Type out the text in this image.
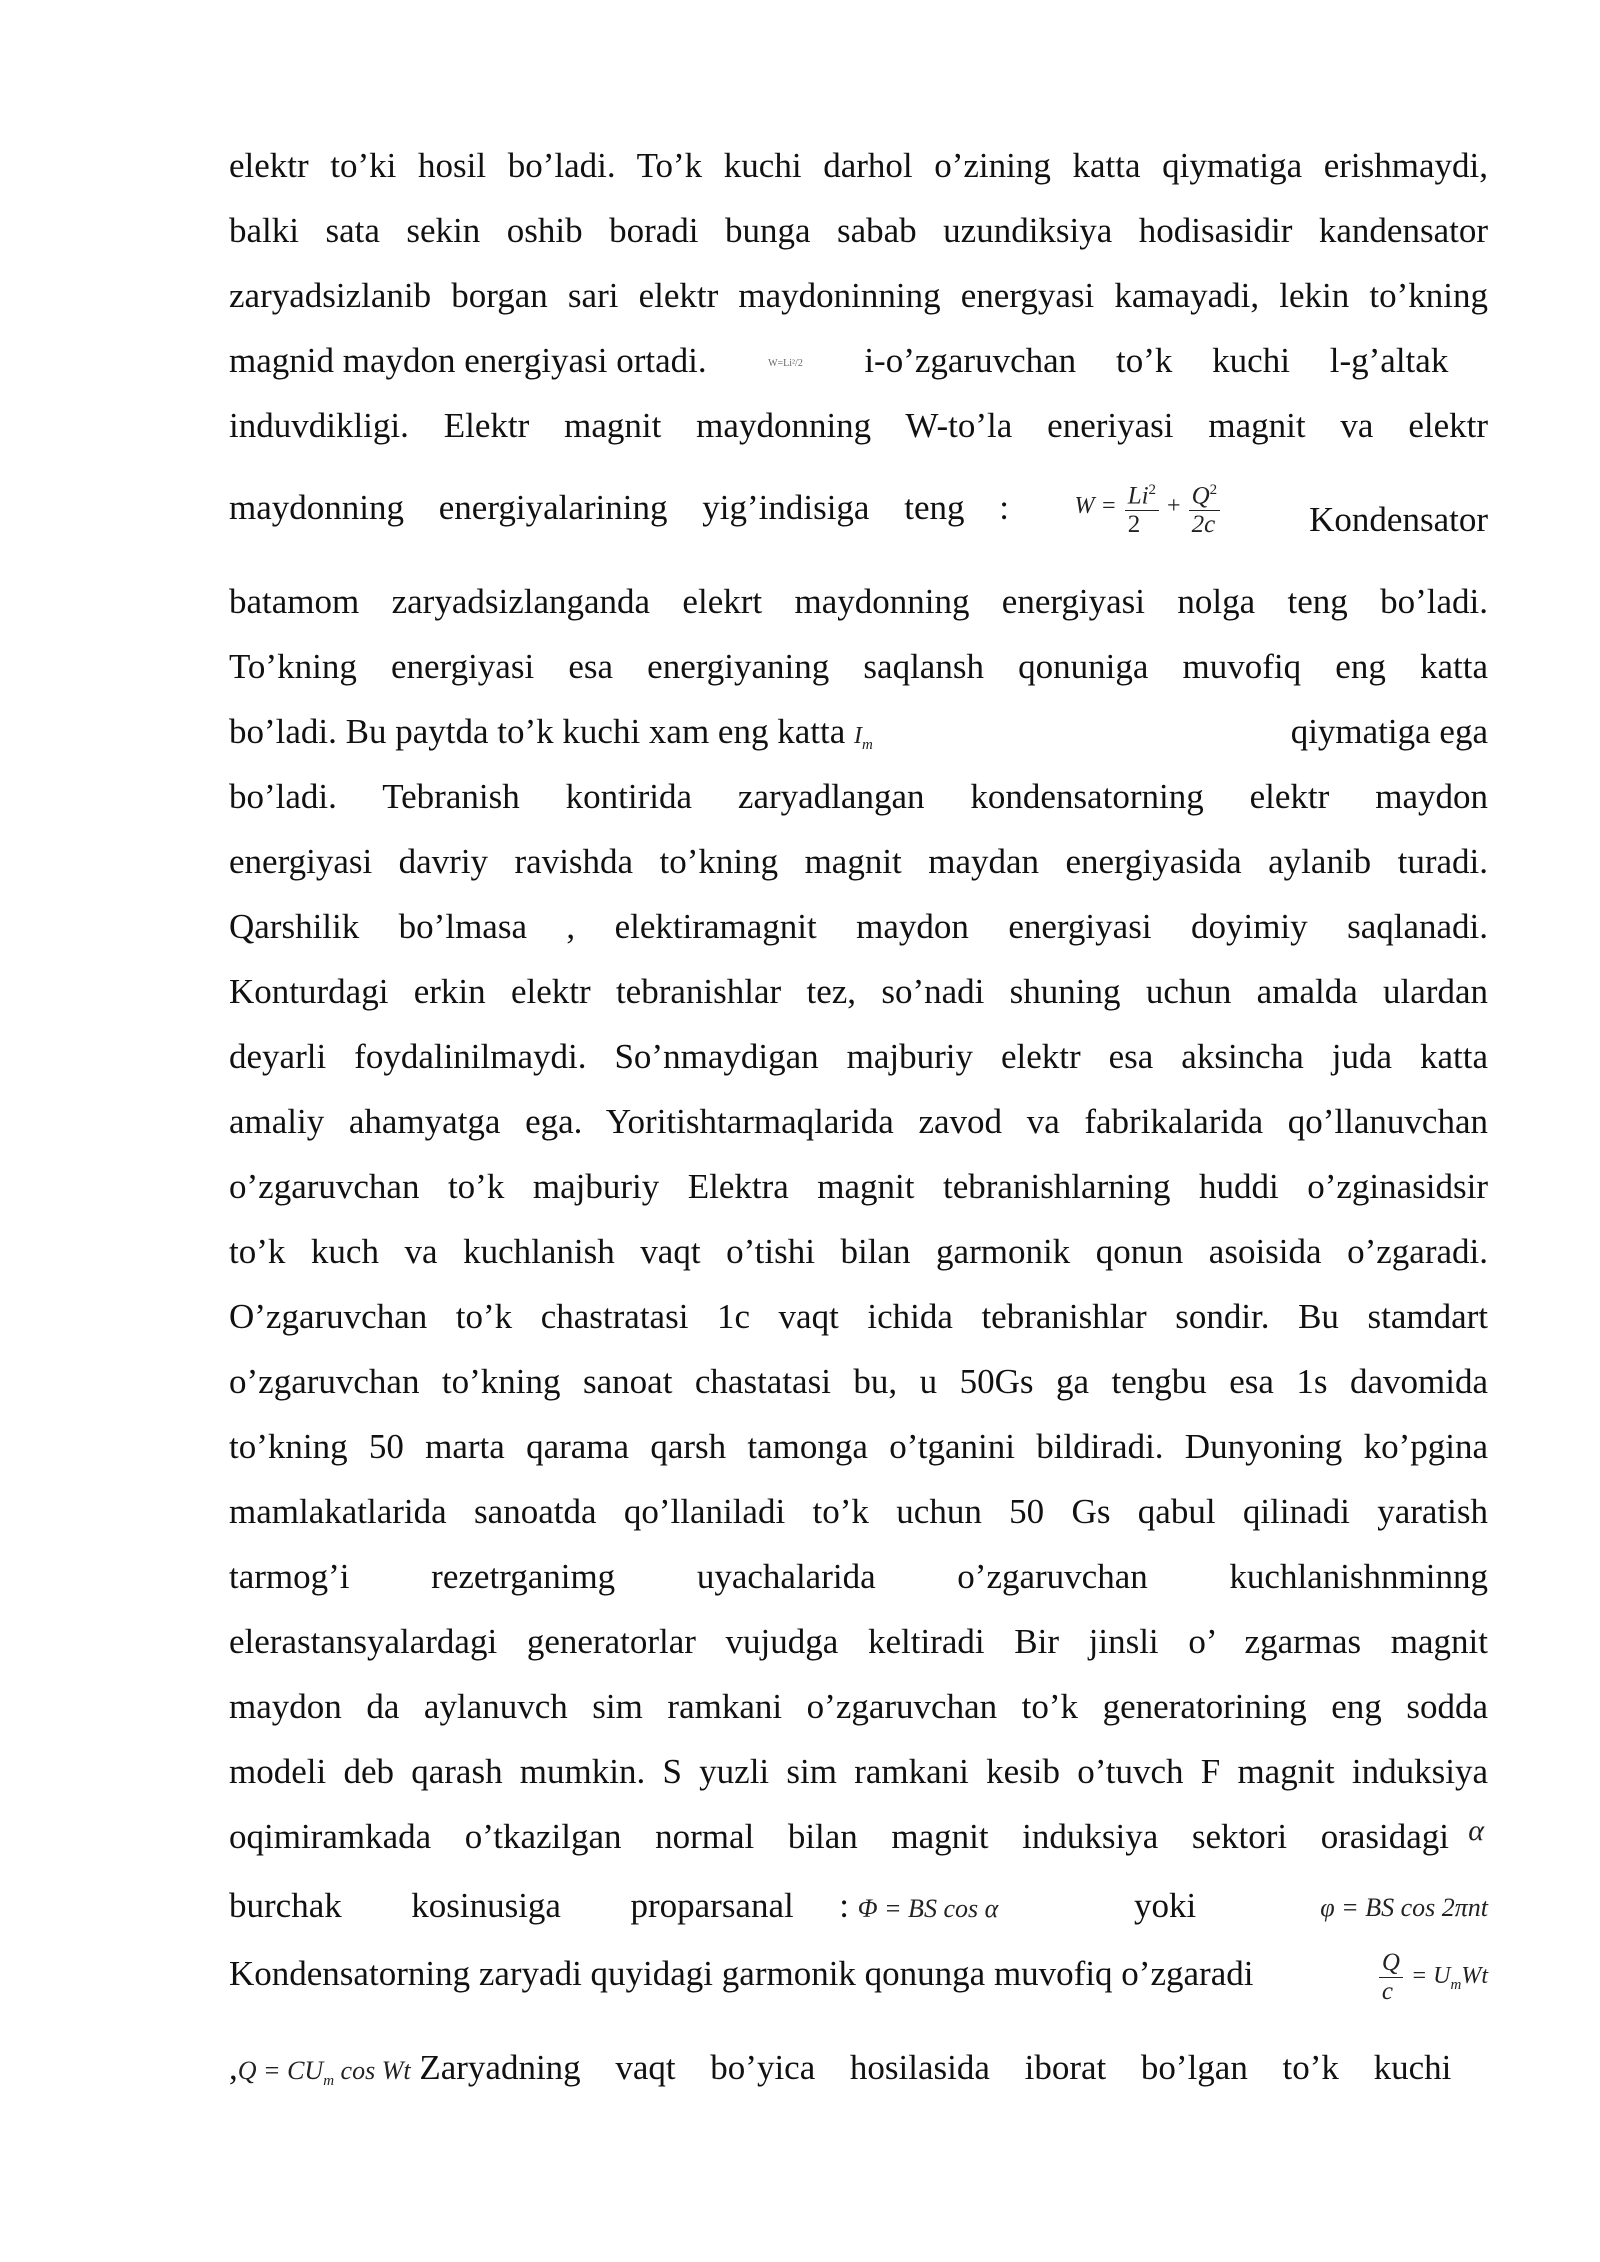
elektr to’ki hosil bo’ladi. To’k kuchi darhol o’zining katta qiymatiga erishmaydi,
balki sata sekin oshib boradi bunga sabab uzundiksiya hodisasidir kandensator
zaryadsizlanib borgan sari elektr maydoninning energyasi kamayadi, lekin to’kning
magnid maydon energiyasi ortadi.	W=Li²/2 i-o’zgaruvchan to’k kuchi l-g’altak
induvdikligi. Elektr magnit maydonning W-to’la eneriyasi magnit va elektr
maydonning energiyalarining yig’indisiga teng :	$W = \frac{Li^2}{2} + \frac{Q^2}{2c}$	Kondensator
batamom zaryadsizlanganda elekrt maydonning energiyasi nolga teng bo’ladi.
To’kning energiyasi esa energiyaning saqlansh qonuniga muvofiq eng katta
bo’ladi. Bu paytda to’k kuchi xam eng katta $I_m$	qiymatiga ega
bo’ladi. Tebranish kontirida zaryadlangan kondensatorning elektr maydon
energiyasi davriy ravishda to’kning magnit maydan energiyasida aylanib turadi.
Qarshilik bo’lmasa , elektiramagnit maydon energiyasi doyimiy saqlanadi.
Konturdagi erkin elektr tebranishlar tez, so’nadi shuning uchun amalda ulardan
deyarli foydalinilmaydi. So’nmaydigan majburiy elektr esa aksincha juda katta
amaliy ahamyatga ega. Yoritishtarmaqlarida zavod va fabrikalarida qo’llanuvchan
o’zgaruvchan to’k majburiy Elektra magnit tebranishlarning huddi o’zginasidsir
to’k kuch va kuchlanish vaqt o’tishi bilan garmonik qonun asoisida o’zgaradi.
O’zgaruvchan to’k chastratasi 1c vaqt ichida tebranishlar sondir. Bu stamdart
o’zgaruvchan to’kning sanoat chastatasi bu, u 50Gs ga tengbu esa 1s davomida
to’kning 50 marta qarama qarsh tamonga o’tganini bildiradi. Dunyoning ko’pgina
mamlakatlarida sanoatda qo’llaniladi to’k uchun 50 Gs qabul qilinadi yaratish
tarmog’i rezetrganimg uyachalarida o’zgaruvchan kuchlanishnminng
elerastansyalardagi generatorlar vujudga keltiradi Bir jinsli o’ zgarmas magnit
maydon da aylanuvch sim ramkani o’zgaruvchan to’k generatorining eng sodda
modeli deb qarash mumkin. S yuzli sim ramkani kesib o’tuvch F magnit induksiya
oqimiramkada o’tkazilgan normal bilan magnit induksiya sektori orasidagi α
burchak kosinusiga proparsanal : Φ = BS cos α	yoki	φ = BS cos 2πnt
Kondensatorning zaryadi quyidagi garmonik qonunga muvofiq o’zgaradi	$\frac{Q}{c} = U_mWt$
$,Q = CU_m$ cos Wt Zaryadning vaqt bo’yica hosilasida iborat bo’lgan to’k kuchi
